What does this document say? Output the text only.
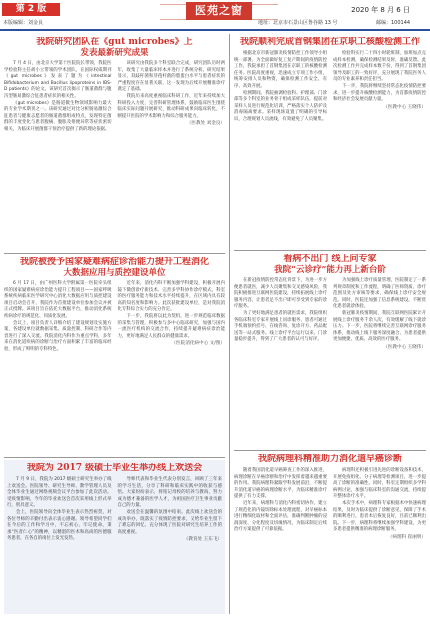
第 2 版
本版编辑：刘金良
医苑之窗	2020 年 8 月 6 日
地址：北京市石景山区鲁谷路 13 号	邮编：100144
我院研究团队在《gut microbes》上
发表最新研究成果

7 月 4 日，由北京大学第十医院院长带领，我院医学检验科主任胡小立带领的学术团队，在国际权威期刊《gut microbes》发表了题为《intestinal Bifidobacterium and Bacillus lipoproteins in IBS-D patients》的论文。该研究首次揭示了肠道菌群与腹泻型肠易激综合征患者症状的相关性。

《gut microbes》是肠道微生物领域影响力最大的专业学术期刊之一。该研究通过对比分析肠易激综合征患者与健康志愿者的肠道菌群组成特点，发现特定菌群的丰度变化与患者腹痛、腹胀及排便异常等症状密切相关，为临床开展菌群干预治疗提供了新的理论依据。

该研究由我院多个科室联合完成，研究团队历时两年，收集了大量临床样本并进行了系统分析。研究结果显示，双歧杆菌和芽孢杆菌的脂蛋白水平与患者症状的严重程度存在显著关联，这一发现为后续开展精准诊疗奠定了基础。

我院历来高度重视临床科研工作，近年来持续加大科研投入力度，完善科研管理体系，鼓励临床医生围绕临床实际问题开展研究，推动科研成果向临床转化，不断提升医院的学术影响力和综合服务能力。

（医教处 刘金良）
我院顺利完成首钢集团在京职工核酸检测工作

根据北京市新冠肺炎疫情防控工作领导小组统一部署，为全面做好复工复产期间的疫情防控工作，我院承担了首钢集团在京职工的核酸检测任务。医院高度重视，迅速成立专项工作小组，统筹安排人员和物资，确保检测工作安全、有序、高效开展。

检测期间，我院抽调检验科、护理部、门诊部等多个科室的业务骨干组成采样队伍，提前对采样人员进行规范化培训，严格落实个人防护及消毒隔离要求。采样现场设置了明确的引导标识，合理规划人员流线，有效避免了人员聚集。

检验科实行二十四小时轮班制，加班加点完成样本检测，确保检测结果及时、准确反馈。此次检测工作共完成样本数千份，得到了首钢集团领导及职工的一致好评，充分展现了我院医务人员的专业素养和责任担当。

下一步，我院将继续坚持常态化疫情防控要求，进一步提升核酸检测能力，为首都疫情防控和经济社会发展贡献力量。

（医教中心 王晓伟）
我院被授予国家疑难病症诊治能力提升工程消化
大数据应用与质控建设单位

6 月 17 日，由广州医科大学附属第一医院牵头组织的国家疑难病症诊治能力提升工程项目——国家呼吸系统疾病临床医学研究中心消化大数据应用与质控建设项目启动会召开，我院作为首批建设单位参加会议并被正式授牌。该项目旨在依托大数据平台，推动消化系统疾病诊疗的规范化、同质化发展。

会议上，项目负责人详细介绍了建设规划及实施方案，各建设单位就数据采集、质量控制、科研合作等内容进行了深入交流。我院消化内科作为重点学科，多年来在消化道疾病的诊断与治疗方面积累了丰富的临床经验，形成了鲜明的专科特色。

近年来，消化内科不断加强学科建设，积极开展内镜下微创诊疗新技术，完善多学科协作诊疗模式，科室的医疗服务能力和技术水平持续提升，在区域内具有较高的知名度和影响力。此次获批建设单位，是对我院消化专科综合实力的充分肯定。

下一步，我院将以此为契机，进一步规范临床数据的采集与管理，积极参与多中心临床研究，加强与国内一流医疗机构的交流合作，持续提升疑难病症诊治能力，更好地满足人民群众的健康需求。

（医院消化病中心 文/图）
看病不出门 线上问专家
我院“云诊疗”能力再上新台阶

在新冠疫情防控常态化背景下，为进一步方便患者就医，减少人员聚集和交叉感染风险，我院积极推进互联网医院建设，持续拓展线上诊疗服务内容，让患者足不出户即可享受到专家的诊疗服务。

为了更好地满足患者的就医需求，我院组织各临床科室专家开展线上问诊服务，患者可通过手机端预约挂号、在线咨询、复诊开方、药品配送等一站式服务。线上诊疗平台运行以来，门诊量稳步提升，得到了广大患者的认可与好评。

为加强线上诊疗质量管理，医院制定了一系列规章制度和工作流程，明确了医师资质、诊疗范围及处方审核等要求，确保线上诊疗安全规范。同时，医院还加强了信息系统建设，不断优化患者就诊体验。

新冠肺炎疫情期间，我院互联网医院累计开展线上诊疗服务千余人次，有效缓解了线下就诊压力。下一步，医院将继续完善互联网诊疗服务体系，推动线上线下服务深度融合，为患者提供更加便捷、优质、高效的医疗服务。

（医教中心 王晓伟）
我院为 2017 级硕士毕业生举办线上欢送会

7 月 9 日，我院为 2017 级硕士研究生举办了线上欢送会。医院领导、研究生导师、教学管理人员及全体毕业生通过网络视频会议平台参加了此次活动。受疫情影响，今年的毕业欢送会首次采用线上形式举行，别具意义。

会上，医院领导向全体毕业生表示热烈祝贺，对各位导师的辛勤付出表示衷心感谢。领导希望同学们在今后的工作和学习中，不忘初心、牢记使命，秉承“医者仁心”的精神，以精湛的医术和高尚的医德服务患者，在各自的岗位上发光发热。

导师代表和毕业生代表分别发言，回顾了三年来的学习生活，分享了科研和临床实践中的收获与感悟。大家纷纷表示，将铭记母校的培养与教诲，努力成为德才兼备的医学人才，为祖国医疗卫生事业贡献自己的力量。

欢送会在温馨的氛围中结束。此次线上欢送会的成功举办，既落实了疫情防控要求，又给毕业生留下了难忘的回忆，充分体现了医院对研究生培养工作的高度重视。

（教育处 王东飞）
我院病理科精准助力消化道早癌诊断

随着我国消化道早癌筛查工作的深入推进，病理诊断在早癌诊断和治疗中发挥着越来越重要的作用。我院病理科紧跟学科发展前沿，不断提升消化道早癌的病理诊断水平，为临床精准诊疗提供了有力支撑。

近年来，病理科与消化内科密切协作，建立了规范化的内镜切除标本处理流程，对早癌标本进行精细化取材和全面评估，准确判断肿瘤的浸润深度、分化程度及切缘情况，为临床制定后续治疗方案提供了可靠依据。

病理科还积极引进先进的诊断设备和技术，开展免疫组化、分子病理等检测项目，进一步提高了诊断的准确性。同时，科室定期组织多学科病例讨论，加强与临床科室的沟通交流，持续提升整体诊疗水平。

本次手术中，病理科专家根据术中快速病理结果，及时为临床提供了诊断意见，保障了手术的顺利进行。患者术后恢复良好，目前已顺利出院。下一步，病理科将继续加强学科建设，为更多患者提供精准的病理诊断服务。

（病理科 崔丽明）
